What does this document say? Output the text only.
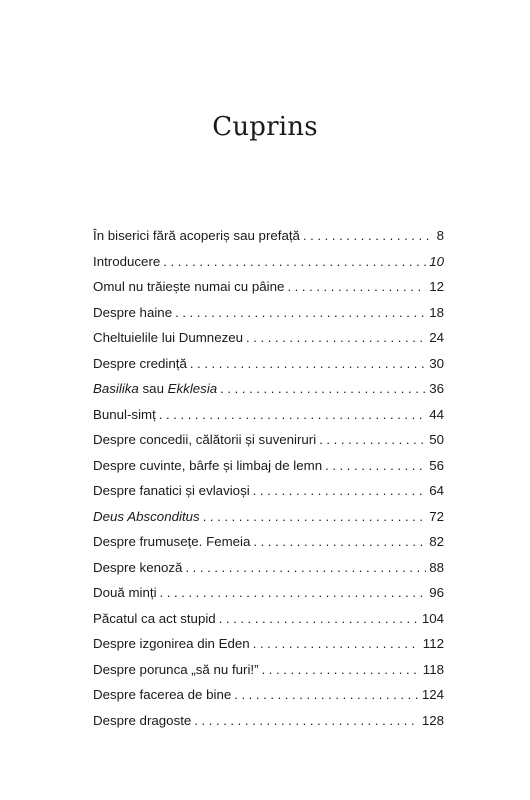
Cuprins
În biserici fără acoperiș sau prefață . . .	8
Introducere . . .	10
Omul nu trăiește numai cu pâine . . .	12
Despre haine . . .	18
Cheltuielile lui Dumnezeu . . .	24
Despre credință . . .	30
Basilika sau Ekklesia . . .	36
Bunul-simț . . .	44
Despre concedii, călătorii și suveniruri . . .	50
Despre cuvinte, bârfe și limbaj de lemn . . .	56
Despre fanatici și evlavioși . . .	64
Deus Absconditus . . .	72
Despre frumusețe. Femeia . . .	82
Despre kenoză . . .	88
Două minți . . .	96
Păcatul ca act stupid . . .	104
Despre izgonirea din Eden . . .	112
Despre porunca „să nu furi!” . . .	118
Despre facerea de bine . . .	124
Despre dragoste . . .	128
